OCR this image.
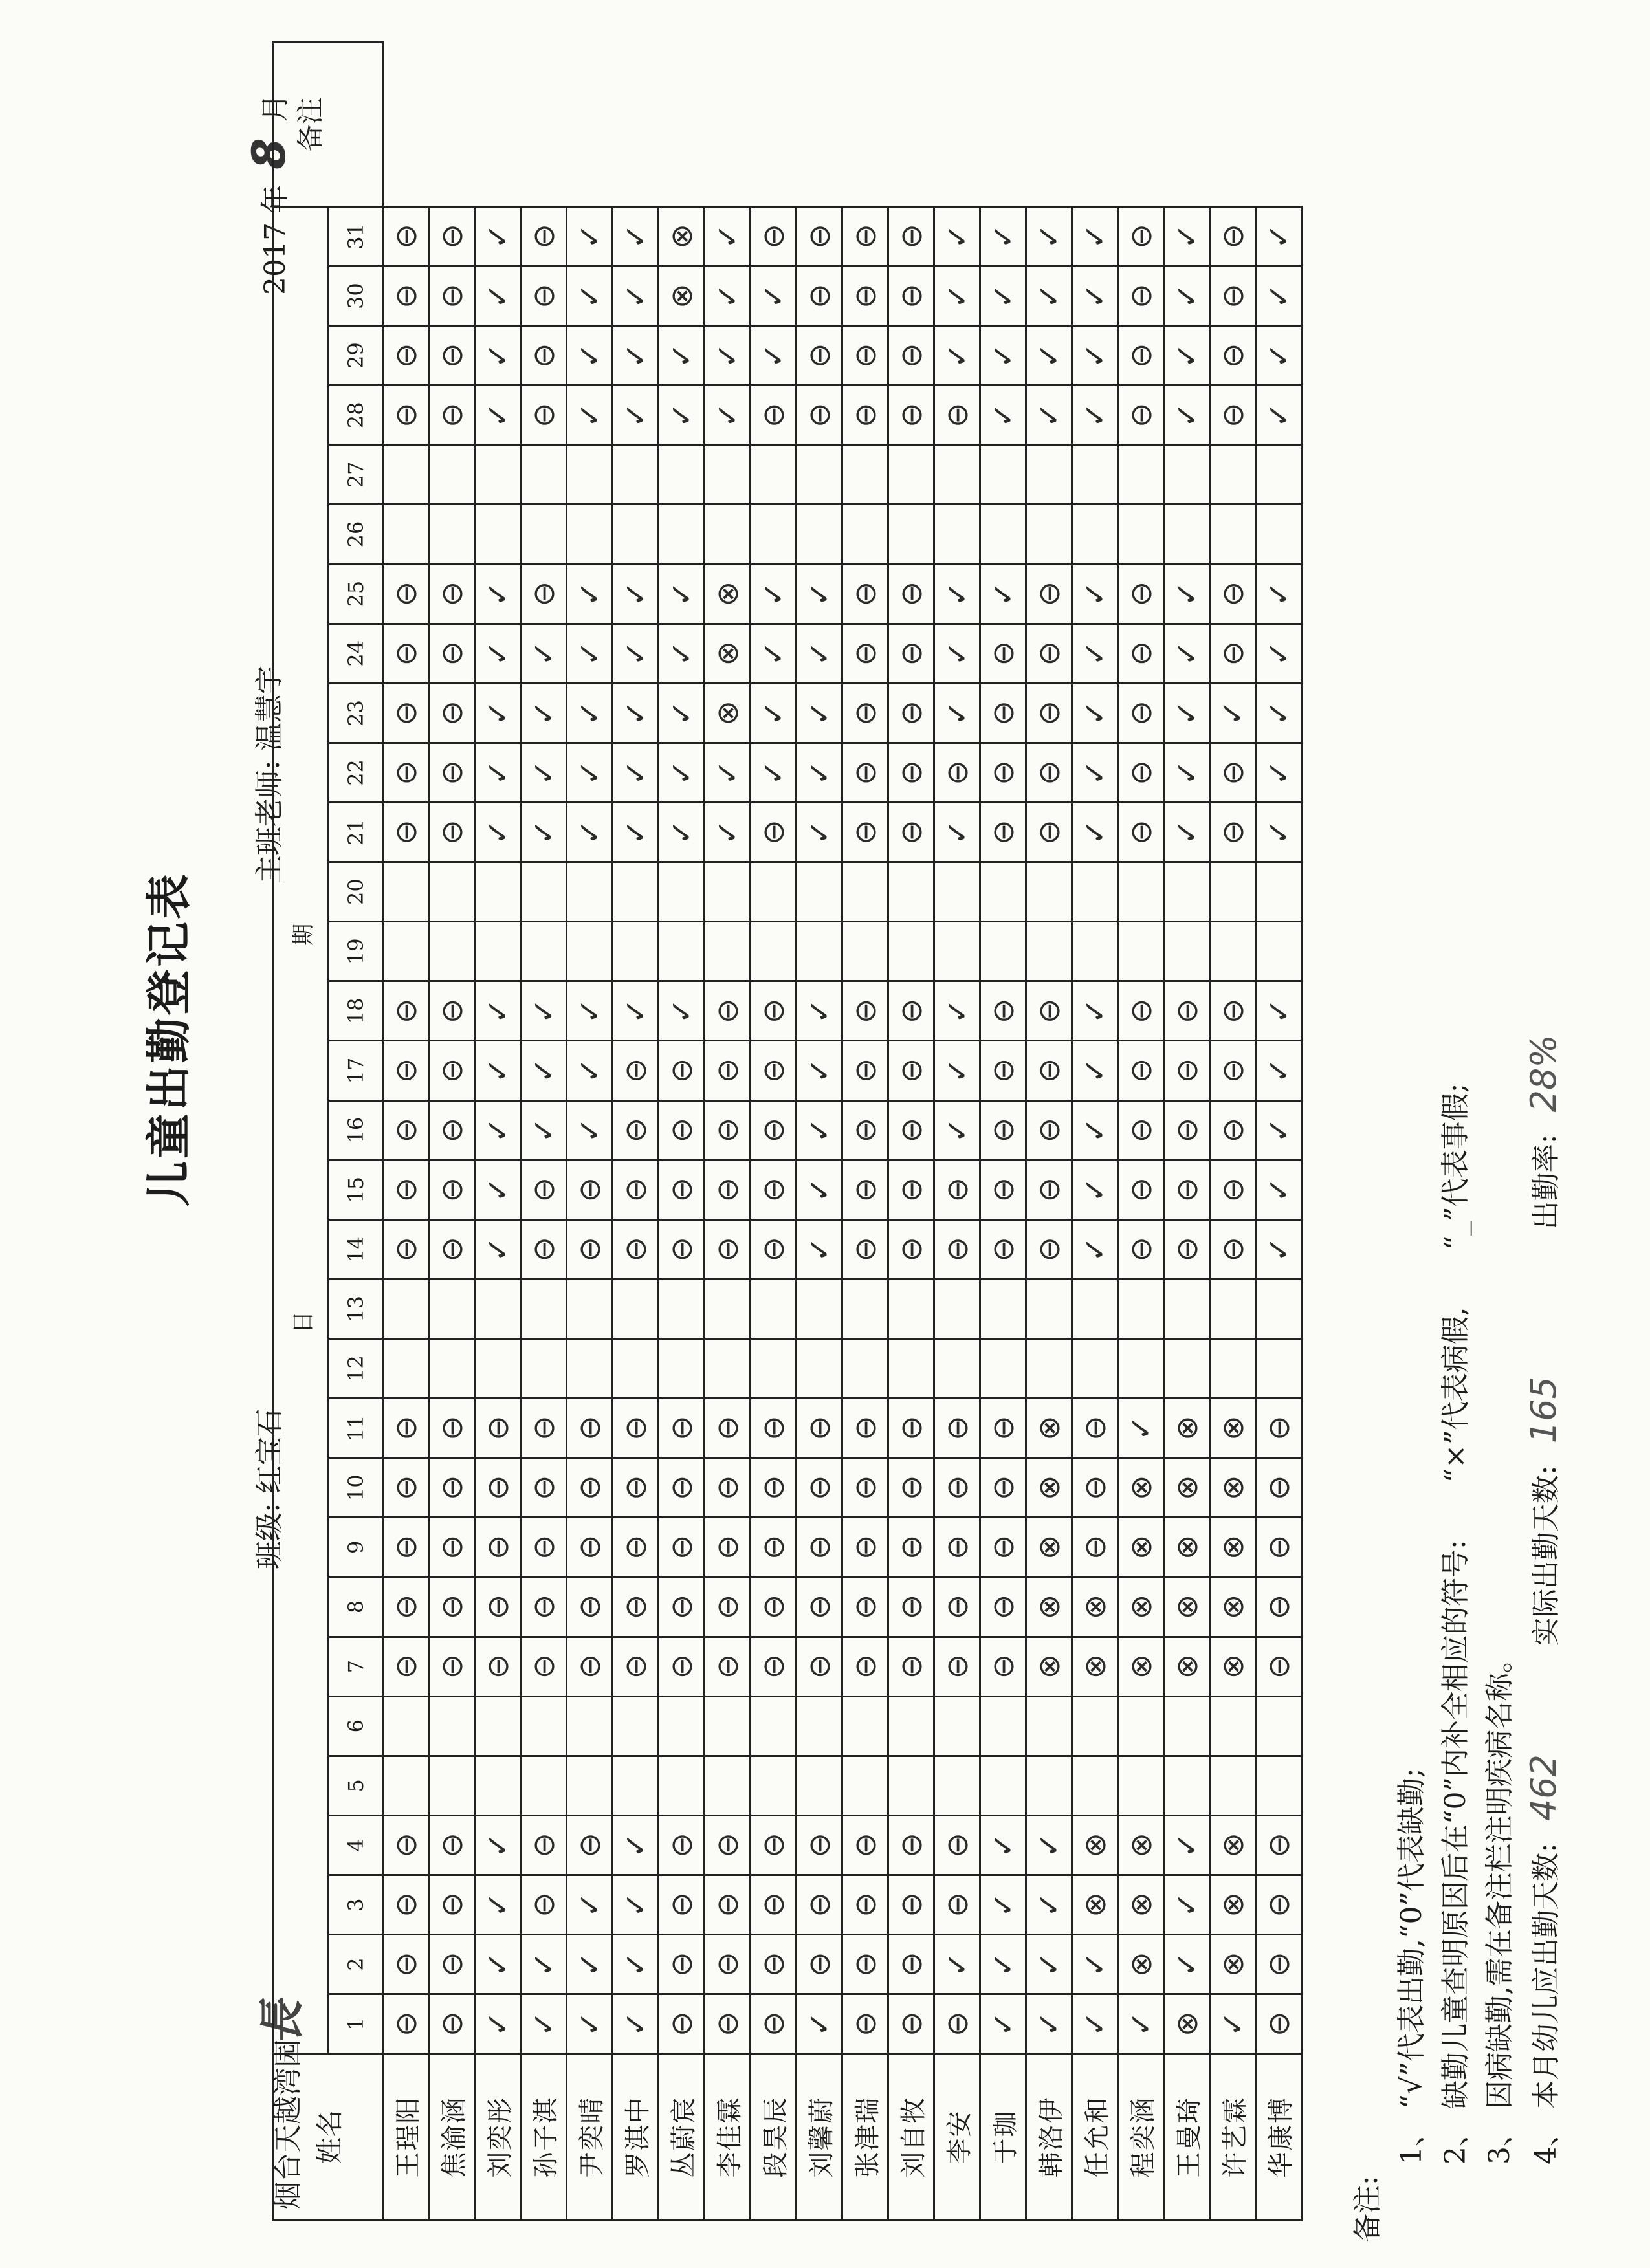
儿童出勤登记表
烟台天越湾园長
班级: 红宝石
主班老师: 温慧宇
2017 年 8 月
姓名	日
期																															备注
	1	2	3	4	5	6	7	8	9	10	11	12	13	14	15	16	17	18	19	20	21	22	23	24	25	26	27	28	29	30	31	
王珵阳	⊖	⊖	⊖	⊖			⊖	⊖	⊖	⊖	⊖			⊖	⊖	⊖	⊖	⊖			⊖	⊖	⊖	⊖	⊖			⊖	⊖	⊖	⊖	
焦渝涵	⊖	⊖	⊖	⊖			⊖	⊖	⊖	⊖	⊖			⊖	⊖	⊖	⊖	⊖			⊖	⊖	⊖	⊖	⊖			⊖	⊖	⊖	⊖	
刘奕彤	✓	✓	✓	✓			⊖	⊖	⊖	⊖	⊖			✓	✓	✓	✓	✓			✓	✓	✓	✓	✓			✓	✓	✓	✓	
孙子淇	✓	✓	⊖	⊖			⊖	⊖	⊖	⊖	⊖			⊖	⊖	✓	✓	✓			✓	✓	✓	✓	⊖			⊖	⊖	⊖	⊖	
尹奕晴	✓	✓	✓	⊖			⊖	⊖	⊖	⊖	⊖			⊖	⊖	✓	✓	✓			✓	✓	✓	✓	✓			✓	✓	✓	✓	
罗淇中	✓	✓	✓	✓			⊖	⊖	⊖	⊖	⊖			⊖	⊖	⊖	⊖	✓			✓	✓	✓	✓	✓			✓	✓	✓	✓	
丛蔚宸	⊖	⊖	⊖	⊖			⊖	⊖	⊖	⊖	⊖			⊖	⊖	⊖	⊖	✓			✓	✓	✓	✓	✓			✓	✓	⊗	⊗	
李佳霖	⊖	⊖	⊖	⊖			⊖	⊖	⊖	⊖	⊖			⊖	⊖	⊖	⊖	⊖			✓	✓	⊗	⊗	⊗			✓	✓	✓	✓	
段昊辰	⊖	⊖	⊖	⊖			⊖	⊖	⊖	⊖	⊖			⊖	⊖	⊖	⊖	⊖			⊖	✓	✓	✓	✓			⊖	✓	✓	⊖	
刘馨蔚	✓	⊖	⊖	⊖			⊖	⊖	⊖	⊖	⊖			✓	✓	✓	✓	✓			✓	✓	✓	✓	✓			⊖	⊖	⊖	⊖	
张津瑞	⊖	⊖	⊖	⊖			⊖	⊖	⊖	⊖	⊖			⊖	⊖	⊖	⊖	⊖			⊖	⊖	⊖	⊖	⊖			⊖	⊖	⊖	⊖	
刘自牧	⊖	⊖	⊖	⊖			⊖	⊖	⊖	⊖	⊖			⊖	⊖	⊖	⊖	⊖			⊖	⊖	⊖	⊖	⊖			⊖	⊖	⊖	⊖	
李安	⊖	✓	⊖	⊖			⊖	⊖	⊖	⊖	⊖			⊖	⊖	✓	✓	✓			✓	⊖	✓	✓	✓			⊖	✓	✓	✓	
于珈	✓	✓	✓	✓			⊖	⊖	⊖	⊖	⊖			⊖	⊖	⊖	⊖	⊖			⊖	⊖	⊖	⊖	✓			✓	✓	✓	✓	
韩洛伊	✓	✓	✓	✓			⊗	⊗	⊗	⊗	⊗			⊖	⊖	⊖	⊖	⊖			⊖	⊖	⊖	⊖	⊖			✓	✓	✓	✓	
任允和	✓	✓	⊗	⊗			⊗	⊗	⊖	⊖	⊖			✓	✓	✓	✓	✓			✓	✓	✓	✓	✓			✓	✓	✓	✓	
程奕涵	✓	⊗	⊗	⊗			⊗	⊗	⊗	⊗	✓			⊖	⊖	⊖	⊖	⊖			⊖	⊖	⊖	⊖	⊖			⊖	⊖	⊖	⊖	
王曼琦	⊗	✓	✓	✓			⊗	⊗	⊗	⊗	⊗			⊖	⊖	⊖	⊖	⊖			✓	✓	✓	✓	✓			✓	✓	✓	✓	
许艺霖	✓	⊗	⊗	⊗			⊗	⊗	⊗	⊗	⊗			⊖	⊖	⊖	⊖	⊖			⊖	⊖	✓	⊖	⊖			⊖	⊖	⊖	⊖	
华康博	⊖	⊖	⊖	⊖			⊖	⊖	⊖	⊖	⊖			✓	✓	✓	✓	✓			✓	✓	✓	✓	✓			✓	✓	✓	✓	
备注:
1、 “√”代表出勤,“0”代表缺勤;
2、 缺勤儿童查明原因后在“0”内补全相应的符号:  “×”代表病假,  “_”代表事假;
3、 因病缺勤,需在备注栏注明疾病名称。
4、 本月幼儿应出勤天数: 462  实际出勤天数: 165  出勤率: 28%
